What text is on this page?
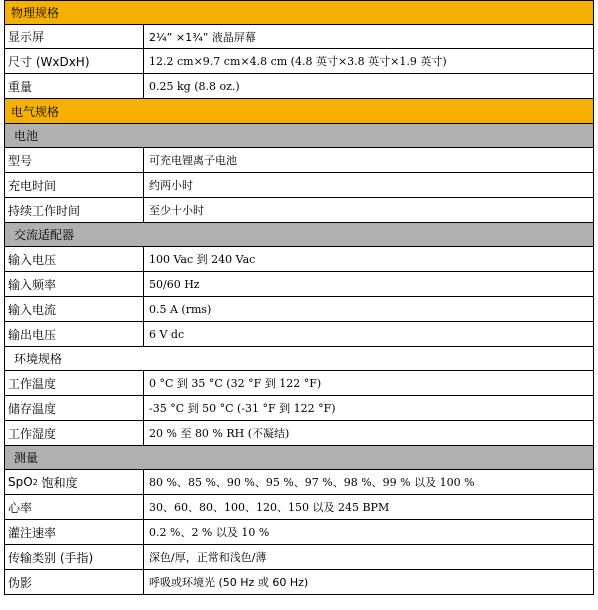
物理规格
显示屏	2¼” ×1¾” 液晶屏幕
尺寸 (WxDxH)	12.2 cm×9.7 cm×4.8 cm (4.8 英寸×3.8 英寸×1.9 英寸)
重量	0.25 kg (8.8 oz.)
电气规格
电池
型号	可充电锂离子电池
充电时间	约两小时
持续工作时间	至少十小时
交流适配器
输入电压	100 Vac 到 240 Vac
输入频率	50/60 Hz
输入电流	0.5 A (rms)
输出电压	6 V dc
环境规格
工作温度	0 °C 到 35 °C (32 °F 到 122 °F)
储存温度	-35 °C 到 50 °C (-31 °F 到 122 °F)
工作湿度	20 % 至 80 % RH (不凝结)
测量
SpO 2 饱和度	80 %、85 %、90 %、95 %、97 %、98 %、99 % 以及 100 %
心率	30、60、80、100、120、150 以及 245 BPM
灌注速率	0.2 %、2 % 以及 10 %
传输类别 (手指)	深色/厚，正常和浅色/薄
伪影	呼吸或环境光 (50 Hz 或 60 Hz)
